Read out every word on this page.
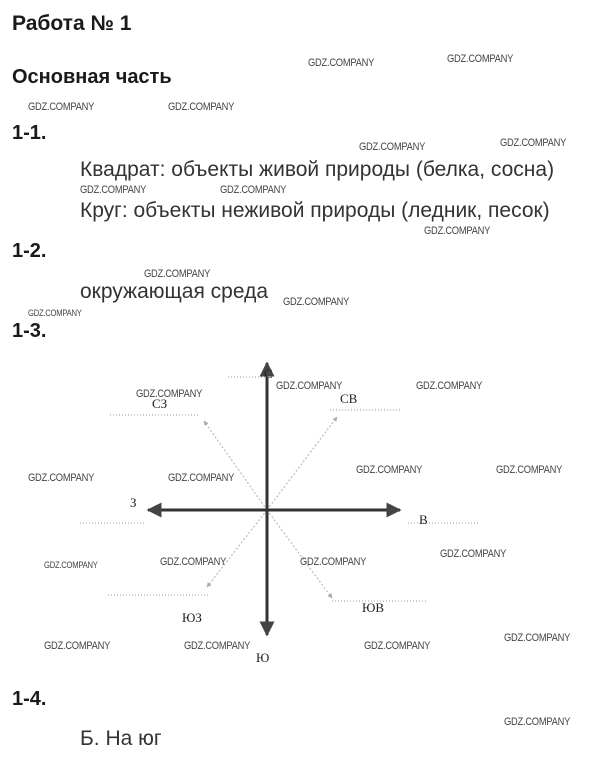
Работа № 1
Основная часть
1-1.
Квадрат: объекты живой природы (белка, сосна)
Круг: объекты неживой природы (ледник, песок)
1-2.
окружающая среда
1-3.
С
СЗ	СВ
З
В
ЮЗ
ЮВ
Ю
1-4.
Б. На юг
GDZ.COMPANY	GDZ.COMPANY
GDZ.COMPANY	GDZ.COMPANY
GDZ.COMPANY	GDZ.COMPANY
GDZ.COMPANY	GDZ.COMPANY
GDZ.COMPANY
GDZ.COMPANY
GDZ.COMPANY
GDZ.COMPANY
GDZ.COMPANY	GDZ.COMPANY
GDZ.COMPANY
GDZ.COMPANY	GDZ.COMPANY
GDZ.COMPANY	GDZ.COMPANY
GDZ.COMPANY
GDZ.COMPANY	GDZ.COMPANY
GDZ.COMPANY
GDZ.COMPANY
GDZ.COMPANY	GDZ.COMPANY	GDZ.COMPANY
GDZ.COMPANY
